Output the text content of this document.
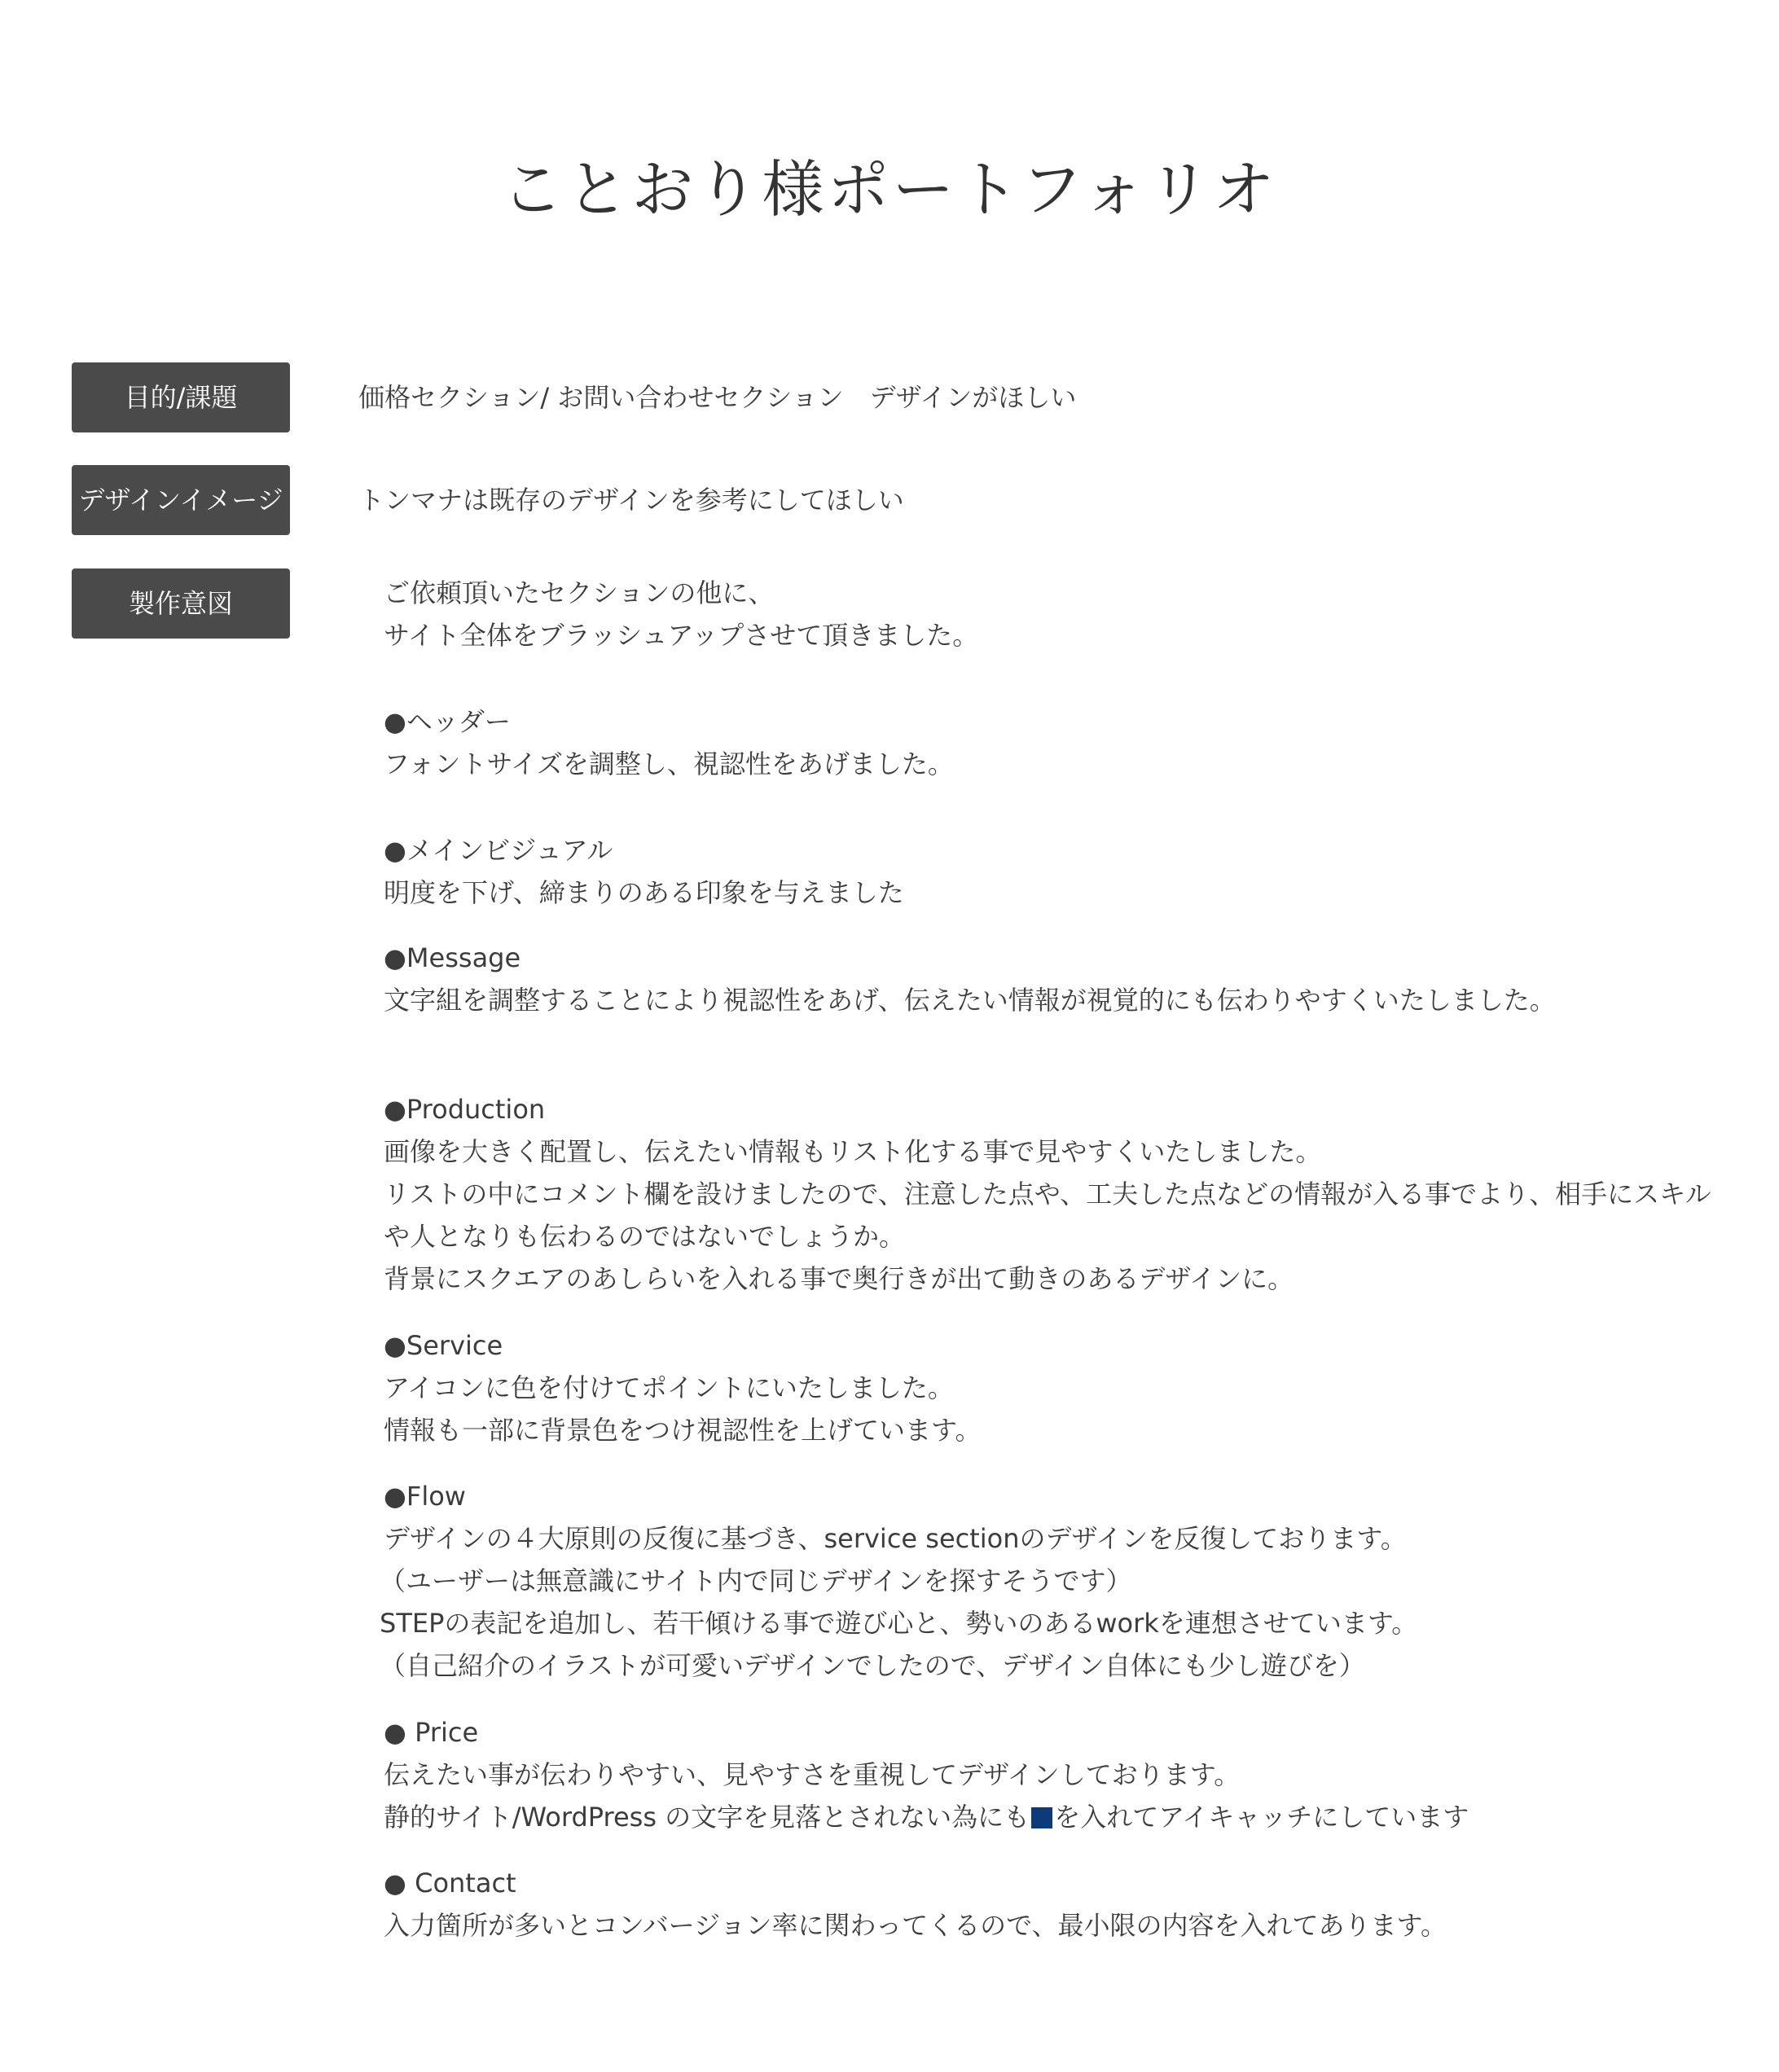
ことおり様ポートフォリオ
目的/課題	価格セクション/ お問い合わせセクション　デザインがほしい
デザインイメージ	トンマナは既存のデザインを参考にしてほしい
製作意図	ご依頼頂いたセクションの他に、
サイト全体をブラッシュアップさせて頂きました。
●ヘッダー
フォントサイズを調整し、視認性をあげました。
●メインビジュアル
明度を下げ、締まりのある印象を与えました
●Message
文字組を調整することにより視認性をあげ、伝えたい情報が視覚的にも伝わりやすくいたしました。
●Production
画像を大きく配置し、伝えたい情報もリスト化する事で見やすくいたしました。
リストの中にコメント欄を設けましたので、注意した点や、工夫した点などの情報が入る事でより、相手にスキル
や人となりも伝わるのではないでしょうか。
背景にスクエアのあしらいを入れる事で奥行きが出て動きのあるデザインに。
●Service
アイコンに色を付けてポイントにいたしました。
情報も一部に背景色をつけ視認性を上げています。
●Flow
デザインの４大原則の反復に基づき、service sectionのデザインを反復しております。
（ユーザーは無意識にサイト内で同じデザインを探すそうです）
STEPの表記を追加し、若干傾ける事で遊び心と、勢いのあるworkを連想させています。
（自己紹介のイラストが可愛いデザインでしたので、デザイン自体にも少し遊びを）
● Price
伝えたい事が伝わりやすい、見やすさを重視してデザインしております。
静的サイト/WordPress の文字を見落とされない為にも を入れてアイキャッチにしています
● Contact
入力箇所が多いとコンバージョン率に関わってくるので、最小限の内容を入れてあります。
